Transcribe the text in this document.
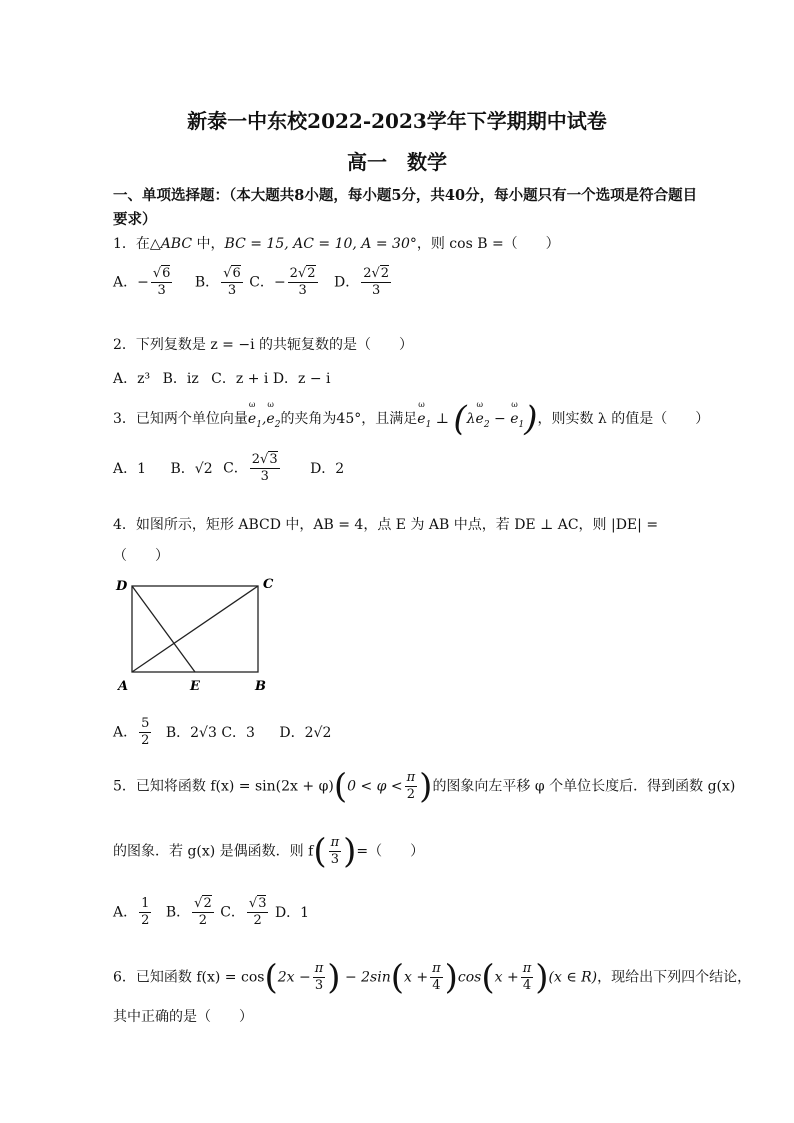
新泰一中东校2022-2023学年下学期期中试卷
高一　数学
一、单项选择题：（本大题共8小题，每小题5分，共40分，每小题只有一个选项是符合题目要求）
1．在△ABC 中，BC = 15, AC = 10, A = 30°，则 cos B =（　　）
A．− $\frac{√6}{3}$ B． $\frac{√6}{3}$ C．− $\frac{2√2}{3}$ D． $\frac{2√2}{3}$
2．下列复数是 z = −i 的共轭复数的是（　　）
A．z³ B．iz C．z + i D．z − i
3．已知两个单位向量ω $e_1,\omega$ $e_2$的夹角为45°，且满足ω $e_1$ ⊥ (λω $e_2 - \omega$ $e_1$)，则实数 λ 的值是（　　）
A．1 B．√2 C． $\frac{2√3}{3}$ D．2
4．如图所示，矩形 ABCD 中，AB = 4，点 E 为 AB 中点，若 DE ⊥ AC，则 |DE| =
（　　）
D	C
A	E	B
A． $\frac{5}{2}$ B．2√3 C．3 D．2√2
5．已知将函数 $f(x) = \sin(2x + \varphi)(0 < \varphi < \frac{\pi}{2}$ )的图象向左平移 φ 个单位长度后．得到函数 g(x)
的图象．若 g(x) 是偶函数．则 $f( \frac{\pi}{3}$ )=（　　）
A． $\frac{1}{2}$ B． $\frac{√2}{2}$ C． $\frac{√3}{2}$ D．1
6．已知函数 $f(x) = \cos(2x - \frac{\pi}{3}$ ) − $2\sin(x + \frac{\pi}{4} )\cos(x + \frac{\pi}{4} )(x$ ∈ R)，现给出下列四个结论，
其中正确的是（　　）
